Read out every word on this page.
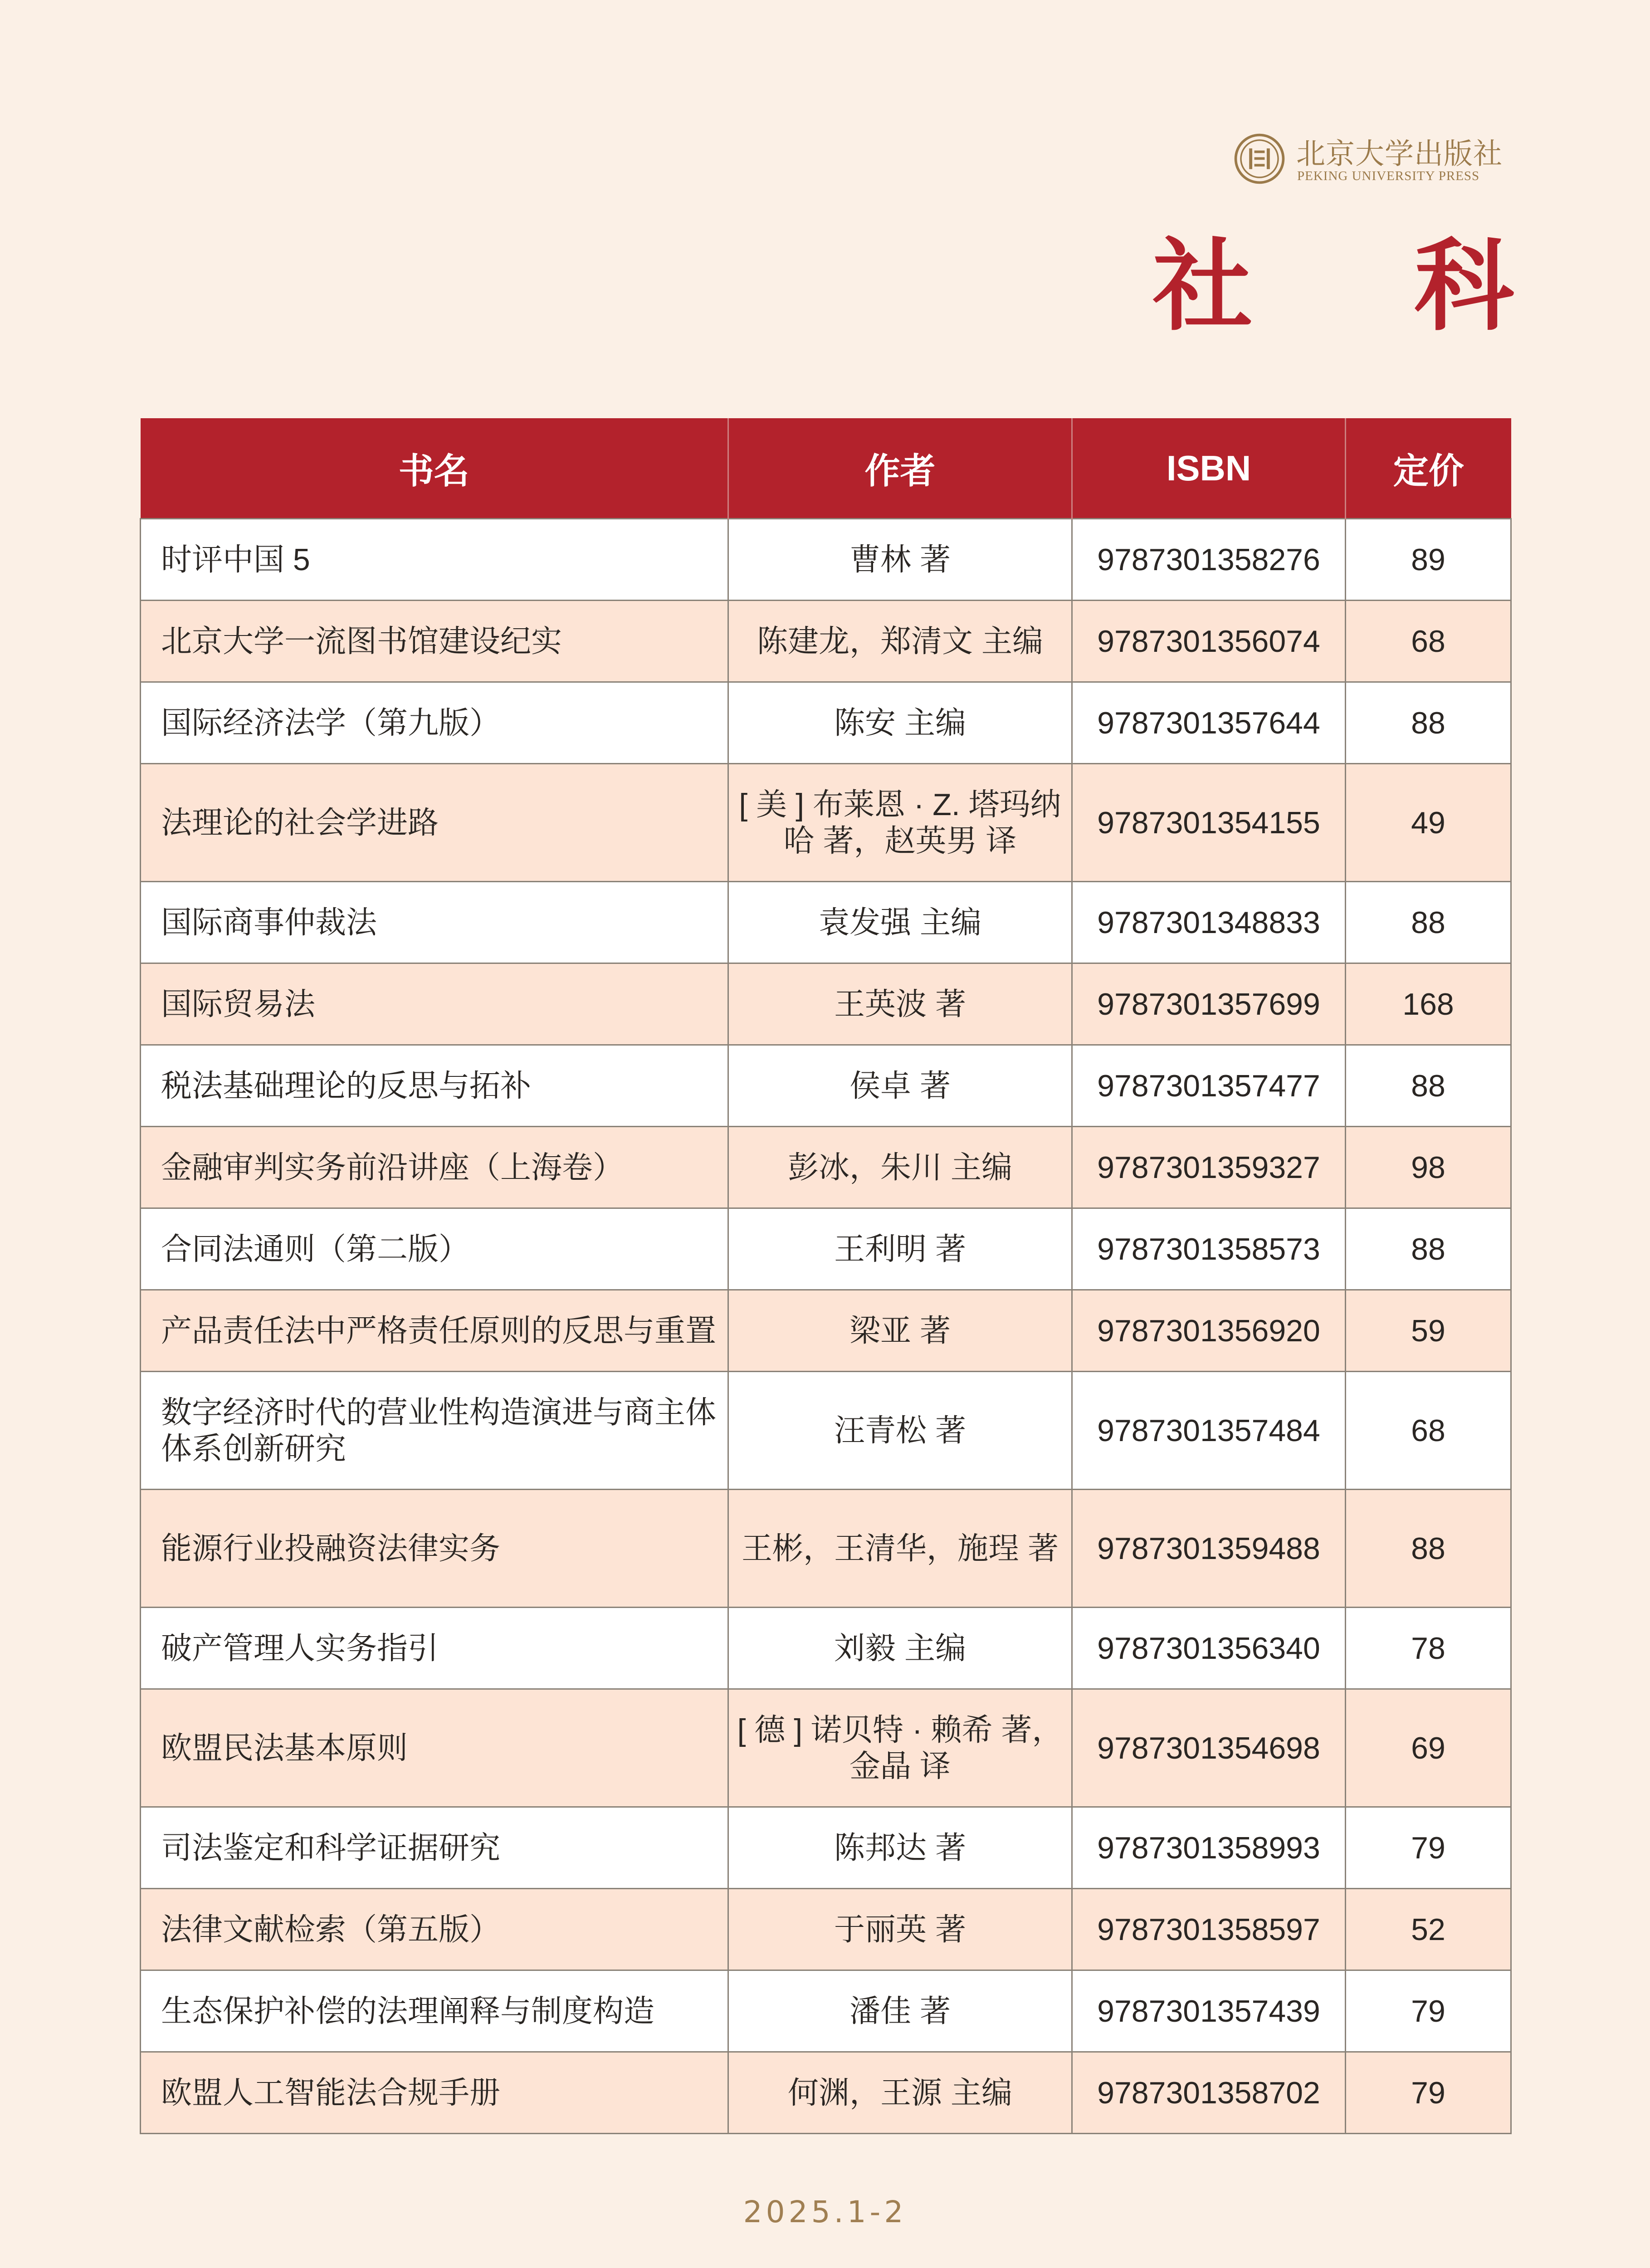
北京大学出版社
PEKING UNIVERSITY PRESS
社 科
书名	作者	ISBN	定价
时评中国 5	曹林 著	9787301358276	89
北京大学一流图书馆建设纪实	陈建龙，郑清文 主编	9787301356074	68
国际经济法学（第九版）	陈安 主编	9787301357644	88
法理论的社会学进路	[ 美 ] 布莱恩 · Z. 塔玛纳哈 著，赵英男 译	9787301354155	49
国际商事仲裁法	袁发强 主编	9787301348833	88
国际贸易法	王英波 著	9787301357699	168
税法基础理论的反思与拓补	侯卓 著	9787301357477	88
金融审判实务前沿讲座（上海卷）	彭冰，朱川 主编	9787301359327	98
合同法通则（第二版）	王利明 著	9787301358573	88
产品责任法中严格责任原则的反思与重置	梁亚 著	9787301356920	59
数字经济时代的营业性构造演进与商主体体系创新研究	汪青松 著	9787301357484	68
能源行业投融资法律实务	王彬，王清华，施珵 著	9787301359488	88
破产管理人实务指引	刘毅 主编	9787301356340	78
欧盟民法基本原则	[ 德 ] 诺贝特 · 赖希 著，金晶 译	9787301354698	69
司法鉴定和科学证据研究	陈邦达 著	9787301358993	79
法律文献检索（第五版）	于丽英 著	9787301358597	52
生态保护补偿的法理阐释与制度构造	潘佳 著	9787301357439	79
欧盟人工智能法合规手册	何渊，王源 主编	9787301358702	79
2025.1-2
